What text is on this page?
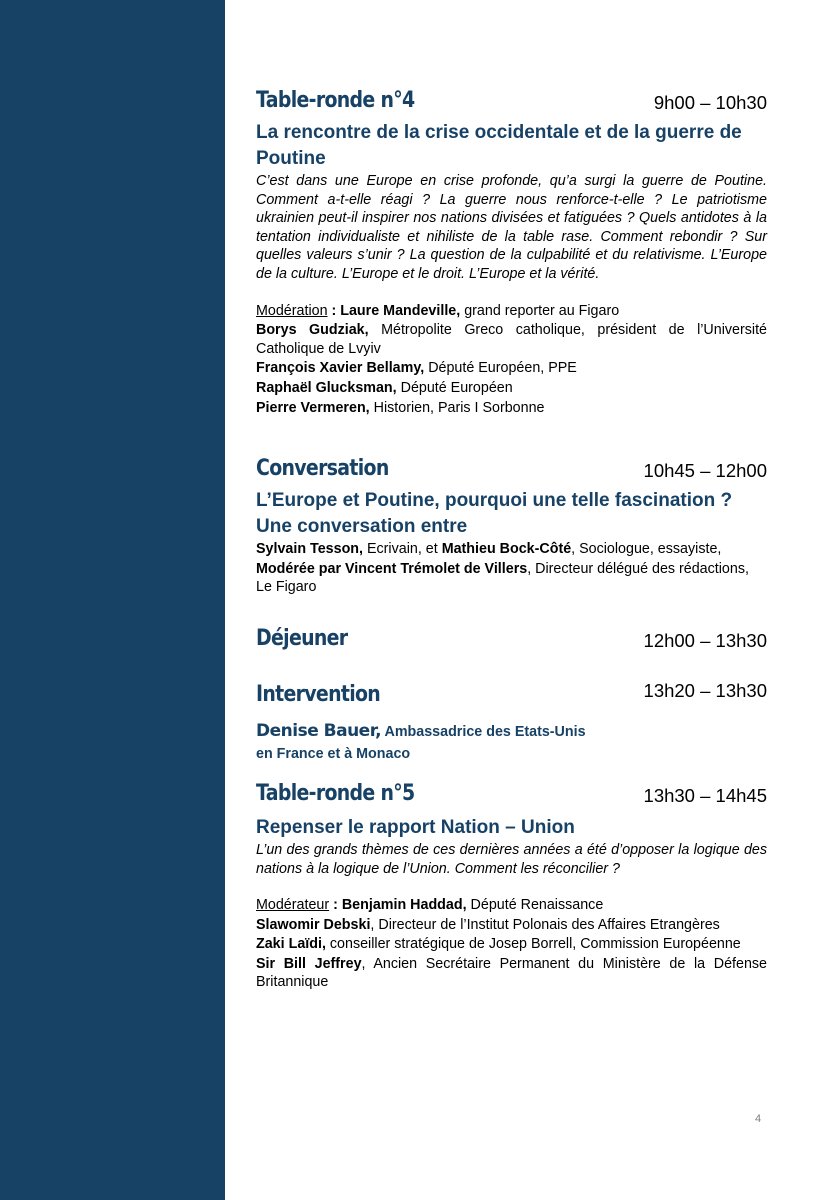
Table-ronde n°4	9h00 – 10h30
La rencontre de la crise occidentale et de la guerre de Poutine

C’est dans une Europe en crise profonde, qu’a surgi la guerre de Poutine. Comment a-t-elle réagi ? La guerre nous renforce-t-elle ? Le patriotisme ukrainien peut-il inspirer nos nations divisées et fatiguées ? Quels antidotes à la tentation individualiste et nihiliste de la table rase. Comment rebondir ? Sur quelles valeurs s’unir ? La question de la culpabilité et du relativisme. L’Europe de la culture. L’Europe et le droit. L’Europe et la vérité.

Modération : Laure Mandeville, grand reporter au Figaro

Borys Gudziak, Métropolite Greco catholique, président de l’Université Catholique de Lvyiv

François Xavier Bellamy, Député Européen, PPE

Raphaël Glucksman, Député Européen

Pierre Vermeren, Historien, Paris I Sorbonne

Conversation	10h45 – 12h00
L’Europe et Poutine, pourquoi une telle fascination ? Une conversation entre

Sylvain Tesson, Ecrivain, et Mathieu Bock-Côté, Sociologue, essayiste,

Modérée par Vincent Trémolet de Villers, Directeur délégué des rédactions, Le Figaro

Déjeuner	12h00 – 13h30
Intervention	13h20 – 13h30
Denise Bauer, Ambassadrice des Etats-Unis en France et à Monaco
Table-ronde n°5	13h30 – 14h45
Repenser le rapport Nation – Union

L’un des grands thèmes de ces dernières années a été d’opposer la logique des nations à la logique de l’Union. Comment les réconcilier ?

Modérateur : Benjamin Haddad, Député Renaissance

Slawomir Debski, Directeur de l’Institut Polonais des Affaires Etrangères

Zaki Laïdi, conseiller stratégique de Josep Borrell, Commission Européenne

Sir Bill Jeffrey, Ancien Secrétaire Permanent du Ministère de la Défense Britannique

4
